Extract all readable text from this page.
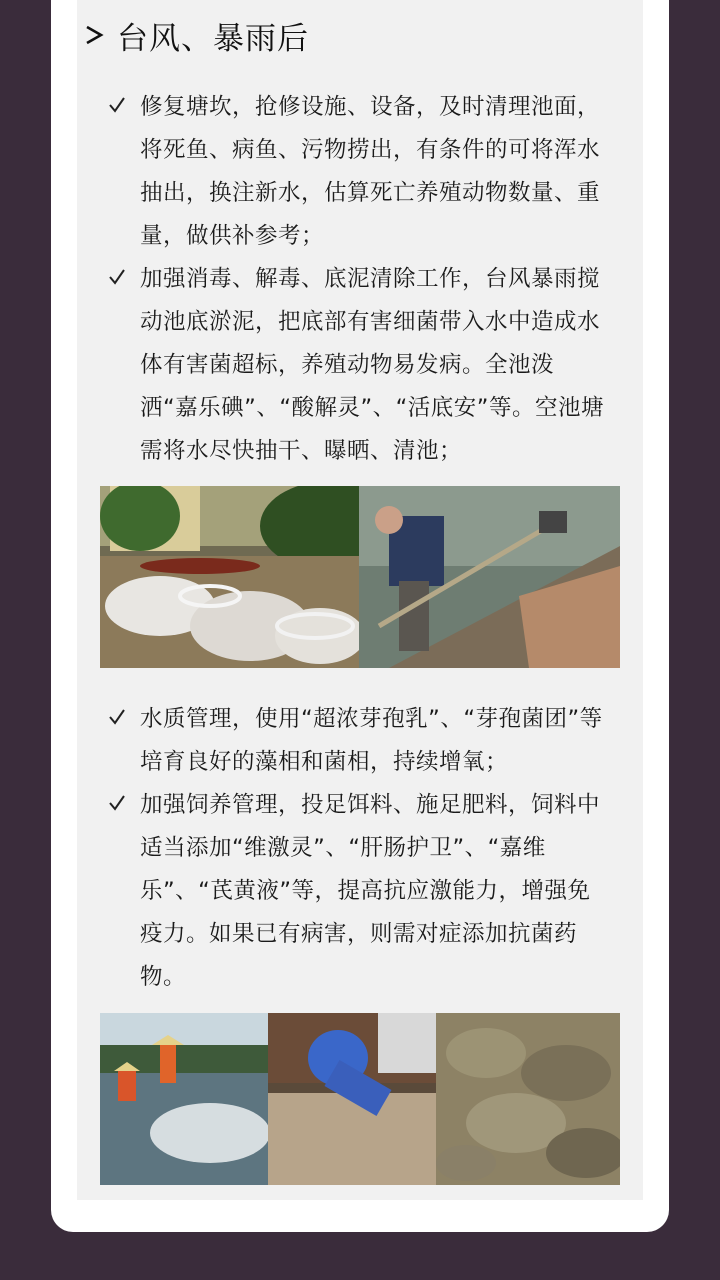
台风、暴雨后
修复塘坎，抢修设施、设备，及时清理池面，将死鱼、病鱼、污物捞出，有条件的可将浑水抽出，换注新水，估算死亡养殖动物数量、重量，做供补参考；
加强消毒、解毒、底泥清除工作，台风暴雨搅动池底淤泥，把底部有害细菌带入水中造成水体有害菌超标，养殖动物易发病。全池泼洒“嘉乐碘”、“酸解灵”、“活底安”等。空池塘需将水尽快抽干、曝晒、清池；
水质管理，使用“超浓芽孢乳”、“芽孢菌团”等培育良好的藻相和菌相，持续增氧；
加强饲养管理，投足饵料、施足肥料，饲料中适当添加“维激灵”、“肝肠护卫”、“嘉维乐”、“芪黄液”等，提高抗应激能力，增强免疫力。如果已有病害，则需对症添加抗菌药物。
